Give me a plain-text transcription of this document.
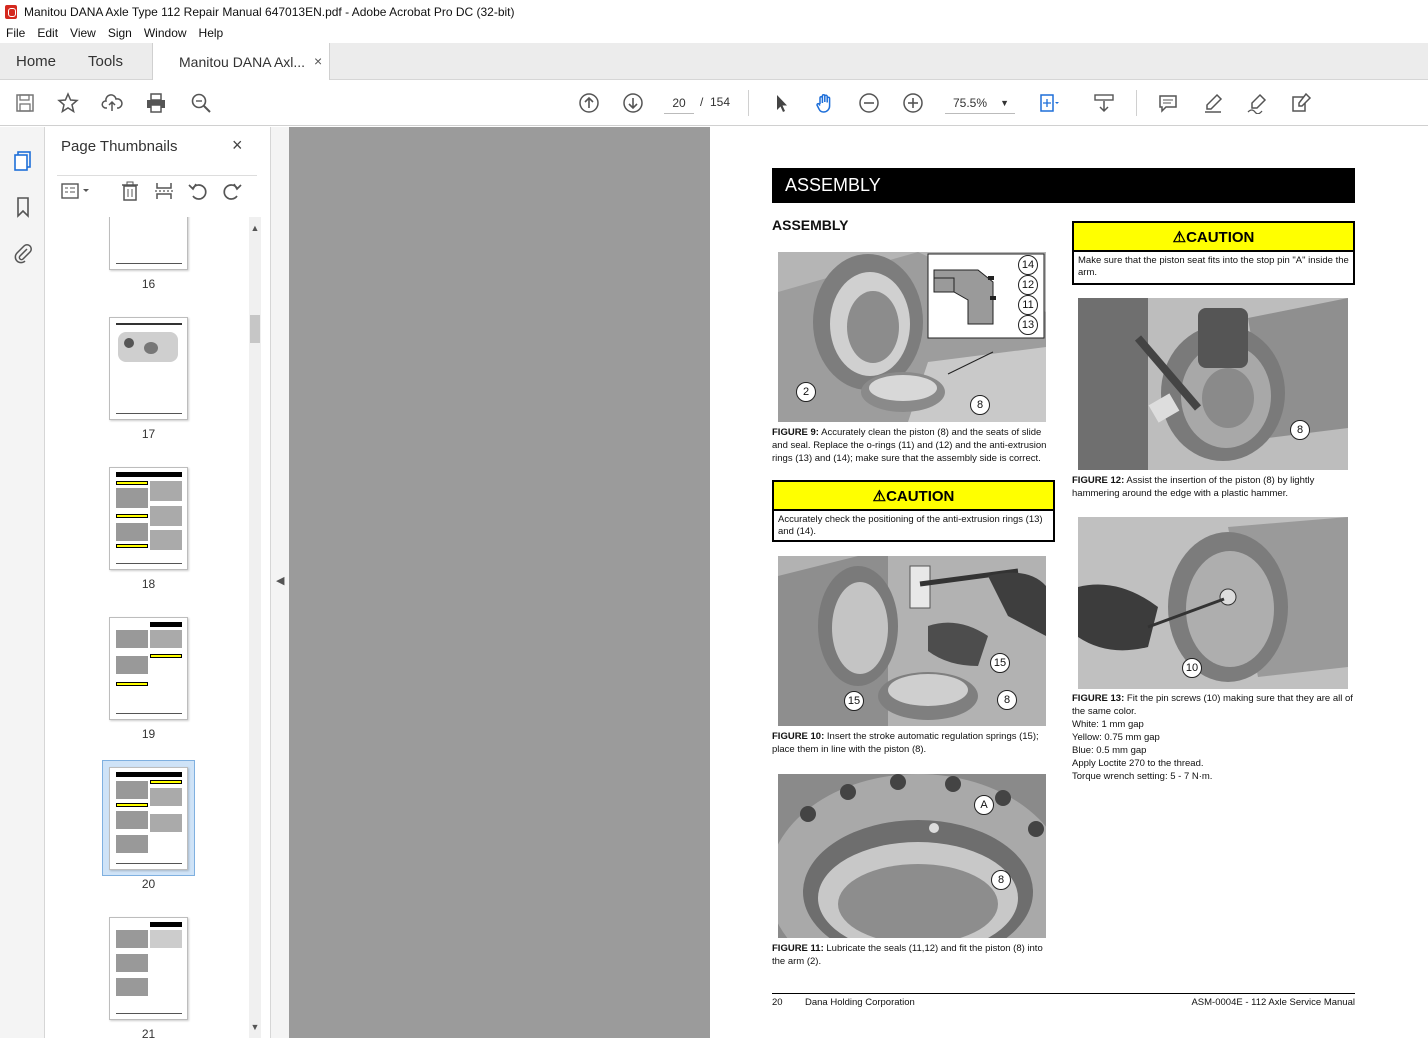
Manitou DANA Axle Type 112 Repair Manual 647013EN.pdf - Adobe Acrobat Pro DC (32-bit)
File Edit View Sign Window Help
Home Tools	Manitou DANA Axl... ×
20	/ 154	75.5% ▼
Page Thumbnails	×
16
17
18
19
20
21
▲
▼
◀
ASSEMBLY
ASSEMBLY
14
12
11
13
2
8
FIGURE 9: Accurately clean the piston (8) and the seats of slide and seal. Replace the o-rings (11) and (12) and the anti-extrusion rings (13) and (14); make sure that the assembly side is correct.
⚠CAUTION
Make sure that the piston seat fits into the stop pin "A" inside the arm.
8
FIGURE 12: Assist the insertion of the piston (8) by lightly hammering around the edge with a plastic hammer.
⚠CAUTION
Accurately check the positioning of the anti-extrusion rings (13) and (14).
15
15	8
FIGURE 10: Insert the stroke automatic regulation springs (15); place them in line with the piston (8).
10
FIGURE 13: Fit the pin screws (10) making sure that they are all of the same color.
White: 1 mm gap
Yellow: 0.75 mm gap
Blue: 0.5 mm gap
Apply Loctite 270 to the thread.
Torque wrench setting: 5 - 7 N·m.
A
8
FIGURE 11: Lubricate the seals (11,12) and fit the piston (8) into the arm (2).
20 Dana Holding Corporation	ASM-0004E - 112 Axle Service Manual
